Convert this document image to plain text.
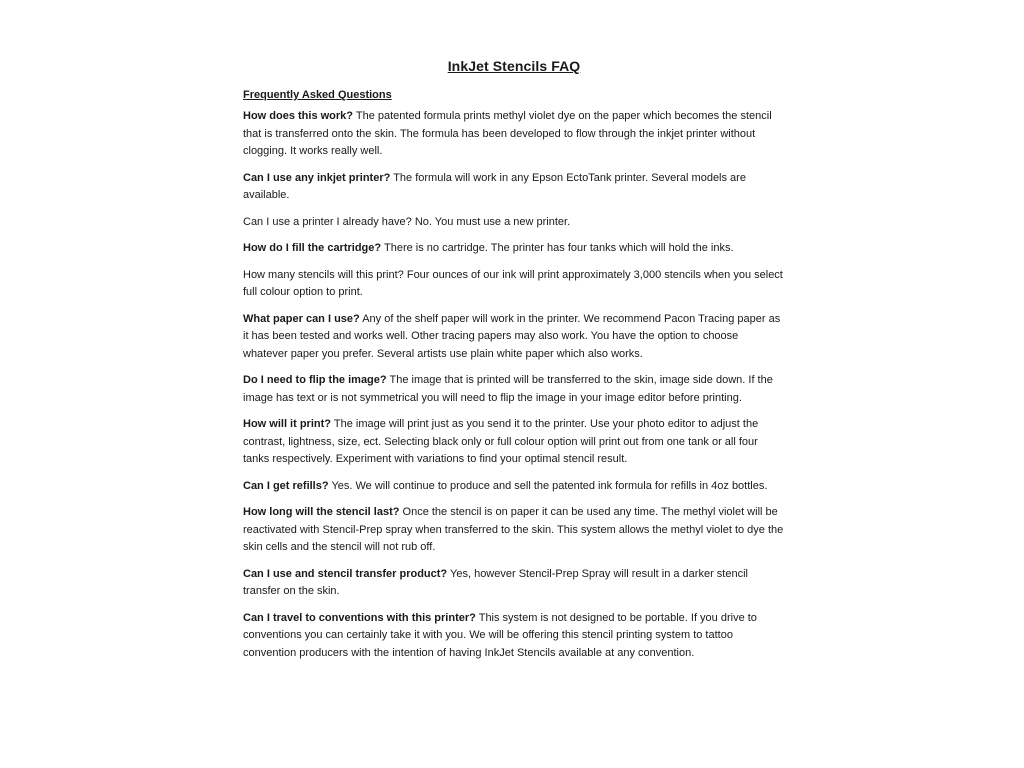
InkJet Stencils FAQ
Frequently Asked Questions

How does this work? The patented formula prints methyl violet dye on the paper which becomes the stencil that is transferred onto the skin. The formula has been developed to flow through the inkjet printer without clogging. It works really well.

Can I use any inkjet printer? The formula will work in any Epson EctoTank printer. Several models are available.

Can I use a printer I already have? No. You must use a new printer.

How do I fill the cartridge? There is no cartridge. The printer has four tanks which will hold the inks.

How many stencils will this print? Four ounces of our ink will print approximately 3,000 stencils when you select full colour option to print.

What paper can I use? Any of the shelf paper will work in the printer. We recommend Pacon Tracing paper as it has been tested and works well. Other tracing papers may also work. You have the option to choose whatever paper you prefer. Several artists use plain white paper which also works.

Do I need to flip the image? The image that is printed will be transferred to the skin, image side down. If the image has text or is not symmetrical you will need to flip the image in your image editor before printing.

How will it print? The image will print just as you send it to the printer. Use your photo editor to adjust the contrast, lightness, size, ect. Selecting black only or full colour option will print out from one tank or all four tanks respectively. Experiment with variations to find your optimal stencil result.

Can I get refills? Yes. We will continue to produce and sell the patented ink formula for refills in 4oz bottles.

How long will the stencil last? Once the stencil is on paper it can be used any time. The methyl violet will be reactivated with Stencil-Prep spray when transferred to the skin. This system allows the methyl violet to dye the skin cells and the stencil will not rub off.

Can I use and stencil transfer product? Yes, however Stencil-Prep Spray will result in a darker stencil transfer on the skin.

Can I travel to conventions with this printer? This system is not designed to be portable. If you drive to conventions you can certainly take it with you. We will be offering this stencil printing system to tattoo convention producers with the intention of having InkJet Stencils available at any convention.
